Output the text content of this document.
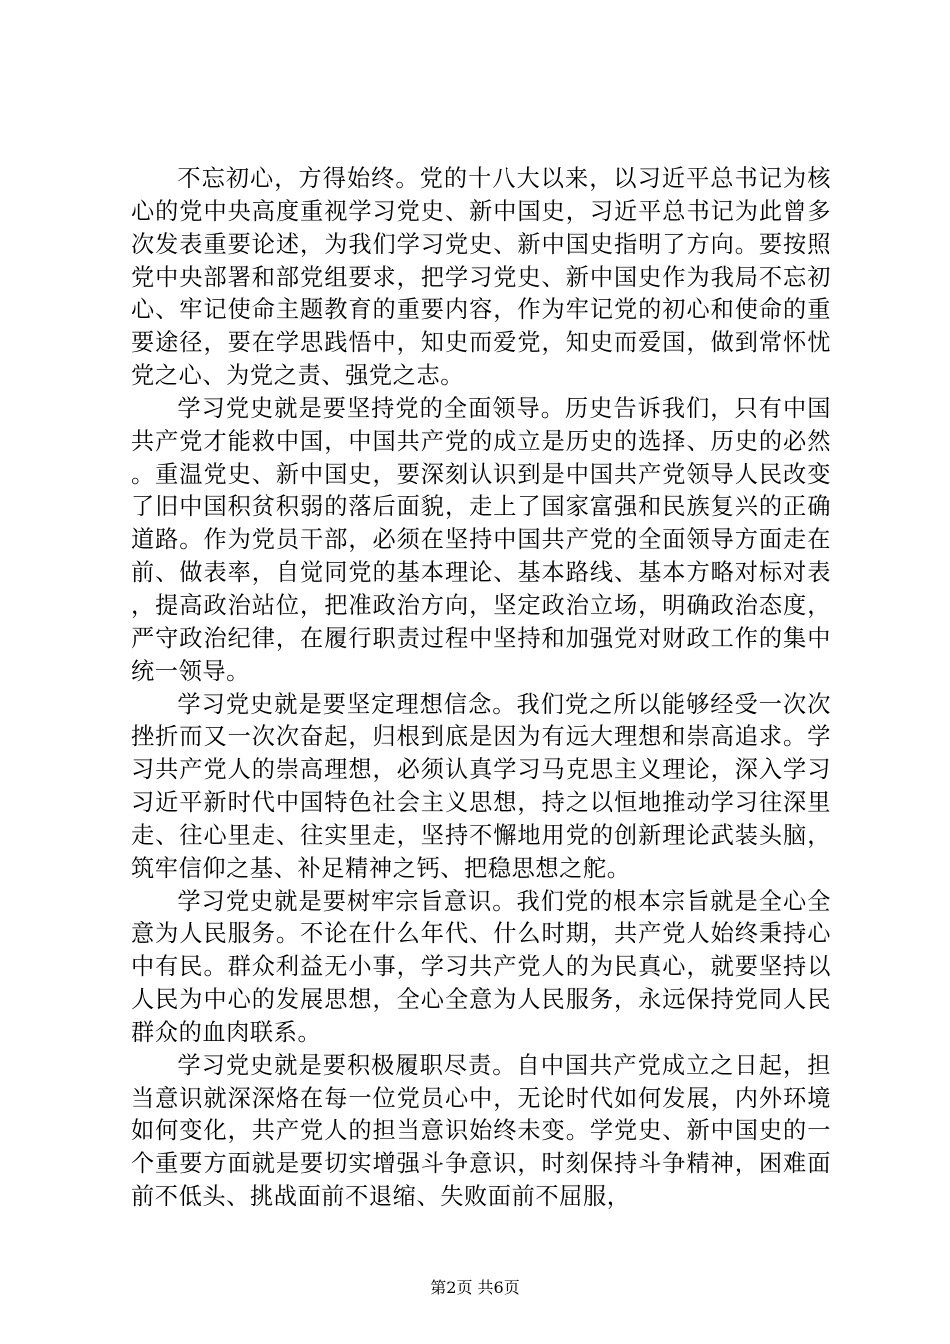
不忘初心，方得始终。党的十八大以来，以习近平总书记为核心的党中央高度重视学习党史、新中国史，习近平总书记为此曾多次发表重要论述，为我们学习党史、新中国史指明了方向。要按照党中央部署和部党组要求，把学习党史、新中国史作为我局不忘初心、牢记使命主题教育的重要内容，作为牢记党的初心和使命的重要途径，要在学思践悟中，知史而爱党，知史而爱国，做到常怀忧党之心、为党之责、强党之志。

学习党史就是要坚持党的全面领导。历史告诉我们，只有中国共产党才能救中国，中国共产党的成立是历史的选择、历史的必然。重温党史、新中国史，要深刻认识到是中国共产党领导人民改变了旧中国积贫积弱的落后面貌，走上了国家富强和民族复兴的正确道路。作为党员干部，必须在坚持中国共产党的全面领导方面走在前、做表率，自觉同党的基本理论、基本路线、基本方略对标对表，提高政治站位，把准政治方向，坚定政治立场，明确政治态度，严守政治纪律，在履行职责过程中坚持和加强党对财政工作的集中统一领导。

学习党史就是要坚定理想信念。我们党之所以能够经受一次次挫折而又一次次奋起，归根到底是因为有远大理想和崇高追求。学习共产党人的崇高理想，必须认真学习马克思主义理论，深入学习习近平新时代中国特色社会主义思想，持之以恒地推动学习往深里走、往心里走、往实里走，坚持不懈地用党的创新理论武装头脑，筑牢信仰之基、补足精神之钙、把稳思想之舵。

学习党史就是要树牢宗旨意识。我们党的根本宗旨就是全心全意为人民服务。不论在什么年代、什么时期，共产党人始终秉持心中有民。群众利益无小事，学习共产党人的为民真心，就要坚持以人民为中心的发展思想，全心全意为人民服务，永远保持党同人民群众的血肉联系。

学习党史就是要积极履职尽责。自中国共产党成立之日起，担当意识就深深烙在每一位党员心中，无论时代如何发展，内外环境如何变化，共产党人的担当意识始终未变。学党史、新中国史的一个重要方面就是要切实增强斗争意识，时刻保持斗争精神，困难面前不低头、挑战面前不退缩、失败面前不屈服，

第2页 共6页
